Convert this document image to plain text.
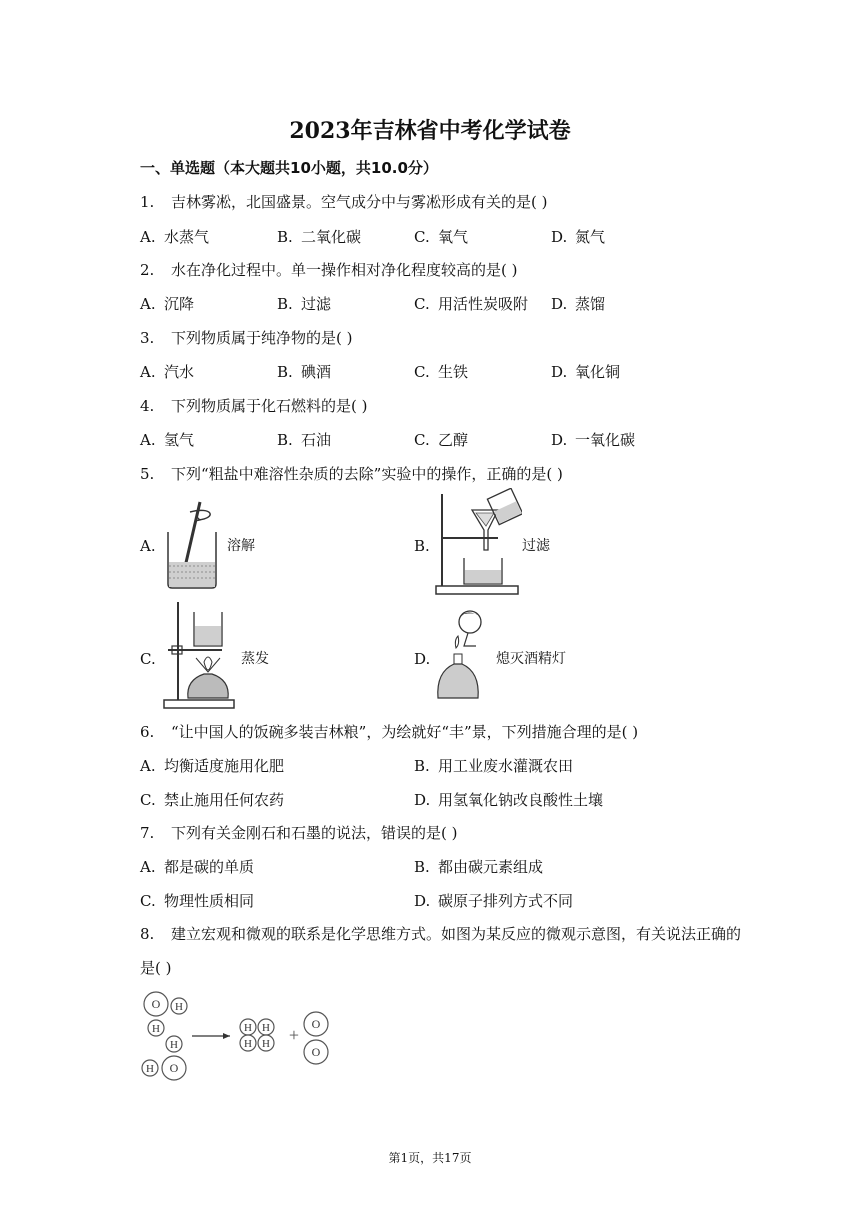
2023年吉林省中考化学试卷
一、单选题（本大题共10小题，共10.0分）
1. 吉林雾凇，北国盛景。空气成分中与雾凇形成有关的是( )
A. 水蒸气	B. 二氧化碳	C. 氧气	D. 氮气
2. 水在净化过程中。单一操作相对净化程度较高的是( )
A. 沉降	B. 过滤	C. 用活性炭吸附 D. 蒸馏
3. 下列物质属于纯净物的是( )
A. 汽水	B. 碘酒	C. 生铁	D. 氧化铜
4. 下列物质属于化石燃料的是( )
A. 氢气	B. 石油	C. 乙醇	D. 一氧化碳
5. 下列“粗盐中难溶性杂质的去除”实验中的操作，正确的是( )
A.	溶解	B.	过滤
C.	蒸发	D.	熄灭酒精灯
6. “让中国人的饭碗多装吉林粮”，为绘就好“丰”景，下列措施合理的是( )
A. 均衡适度施用化肥	B. 用工业废水灌溉农田
C. 禁止施用任何农药	D. 用氢氧化钠改良酸性土壤
7. 下列有关金刚石和石墨的说法，错误的是( )
A. 都是碳的单质	B. 都由碳元素组成
C. 物理性质相同	D. 碳原子排列方式不同
8. 建立宏观和微观的联系是化学思维方式。如图为某反应的微观示意图，有关说法正确的
是( )
O H
H
H
H O
H H
H H +
O
O
第1页，共17页
